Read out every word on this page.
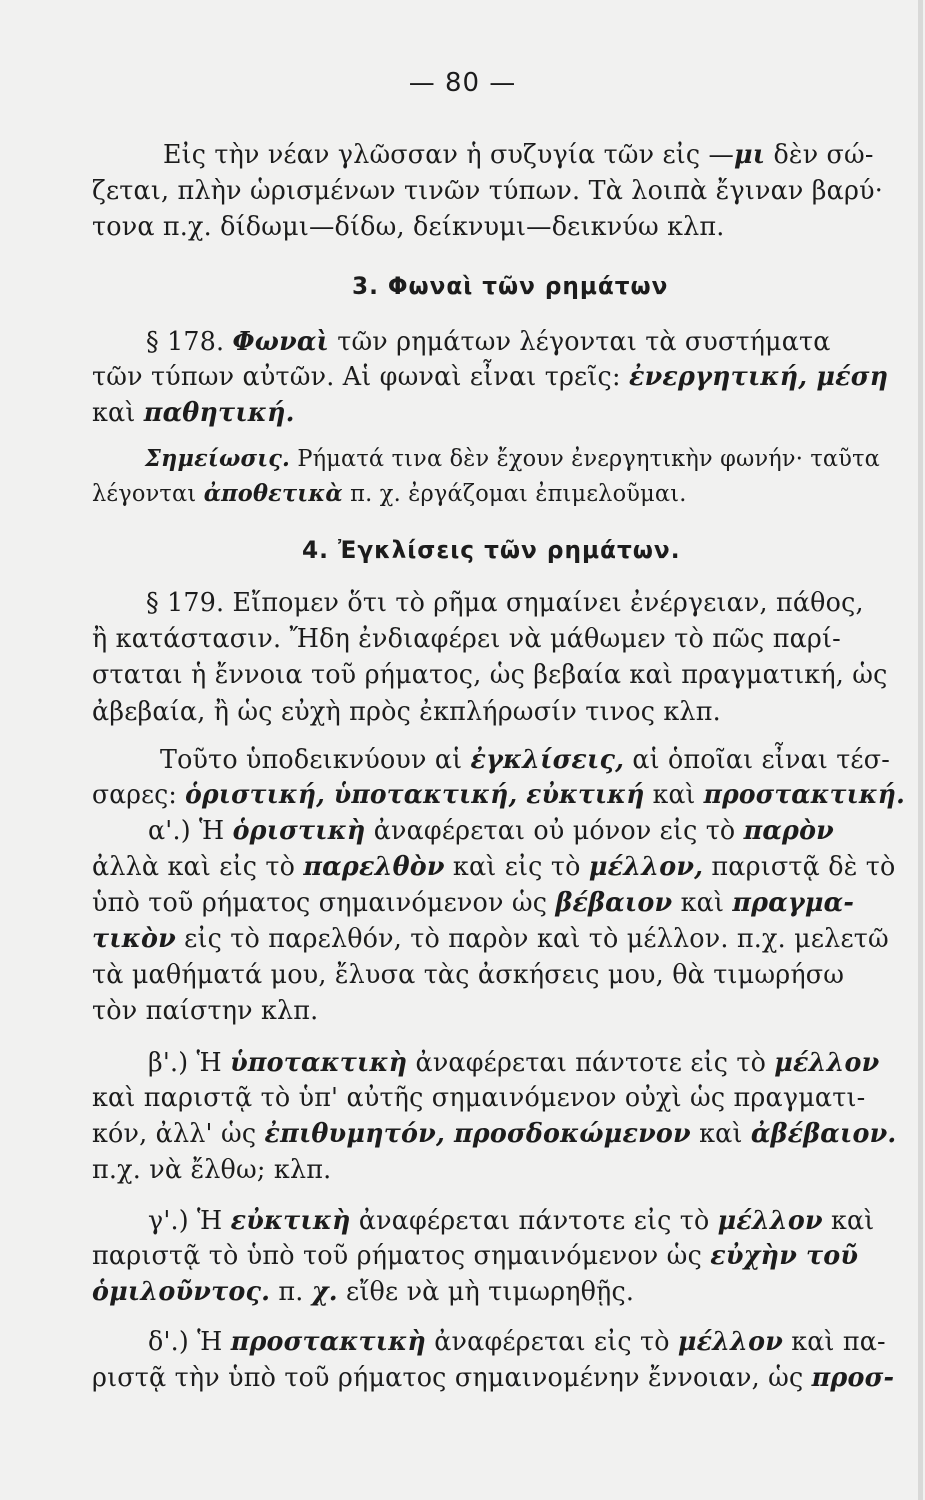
— 80 —
Εἰς τὴν νέαν γλῶσσαν ἡ συζυγία τῶν εἰς —μι δὲν σώ-
ζεται, πλὴν ὡρισμένων τινῶν τύπων. Τὰ λοιπὰ ἔγιναν βαρύ·
τονα π.χ. δίδωμι—δίδω, δείκνυμι—δεικνύω κλπ.
3. Φωναὶ τῶν ρημάτων
§ 178. Φωναὶ τῶν ρημάτων λέγονται τὰ συστήματα
τῶν τύπων αὐτῶν. Αἱ φωναὶ εἶναι τρεῖς: ἐνεργητική, μέση
καὶ παθητική.
Σημείωσις. Ρήματά τινα δὲν ἔχουν ἐνεργητικὴν φωνήν· ταῦτα
λέγονται ἀποθετικὰ π. χ. ἐργάζομαι ἐπιμελοῦμαι.
4. Ἐγκλίσεις τῶν ρημάτων.
§ 179. Εἴπομεν ὅτι τὸ ρῆμα σημαίνει ἐνέργειαν, πάθος,
ἢ κατάστασιν. Ἤδη ἐνδιαφέρει νὰ μάθωμεν τὸ πῶς παρί-
σταται ἡ ἔννοια τοῦ ρήματος, ὡς βεβαία καὶ πραγματική, ὡς
ἀβεβαία, ἢ ὡς εὐχὴ πρὸς ἐκπλήρωσίν τινος κλπ.
Τοῦτο ὑποδεικνύουν αἱ ἐγκλίσεις, αἱ ὁποῖαι εἶναι τέσ-
σαρες: ὁριστική, ὑποτακτική, εὐκτική καὶ προστακτική.
α'.) Ἡ ὁριστικὴ ἀναφέρεται οὐ μόνον εἰς τὸ παρὸν
ἀλλὰ καὶ εἰς τὸ παρελθὸν καὶ εἰς τὸ μέλλον, παριστᾷ δὲ τὸ
ὑπὸ τοῦ ρήματος σημαινόμενον ὡς βέβαιον καὶ πραγμα-
τικὸν εἰς τὸ παρελθόν, τὸ παρὸν καὶ τὸ μέλλον. π.χ. μελετῶ
τὰ μαθήματά μου, ἔλυσα τὰς ἀσκήσεις μου, θὰ τιμωρήσω
τὸν παίστην κλπ.
β'.) Ἡ ὑποτακτικὴ ἀναφέρεται πάντοτε εἰς τὸ μέλλον
καὶ παριστᾷ τὸ ὑπ' αὐτῆς σημαινόμενον οὐχὶ ὡς πραγματι-
κόν, ἀλλ' ὡς ἐπιθυμητόν, προσδοκώμενον καὶ ἀβέβαιον.
π.χ. νὰ ἔλθω; κλπ.
γ'.) Ἡ εὐκτικὴ ἀναφέρεται πάντοτε εἰς τὸ μέλλον καὶ
παριστᾷ τὸ ὑπὸ τοῦ ρήματος σημαινόμενον ὡς εὐχὴν τοῦ
ὁμιλοῦντος. π. χ. εἴθε νὰ μὴ τιμωρηθῇς.
δ'.) Ἡ προστακτικὴ ἀναφέρεται εἰς τὸ μέλλον καὶ πα-
ριστᾷ τὴν ὑπὸ τοῦ ρήματος σημαινομένην ἔννοιαν, ὡς προσ-
